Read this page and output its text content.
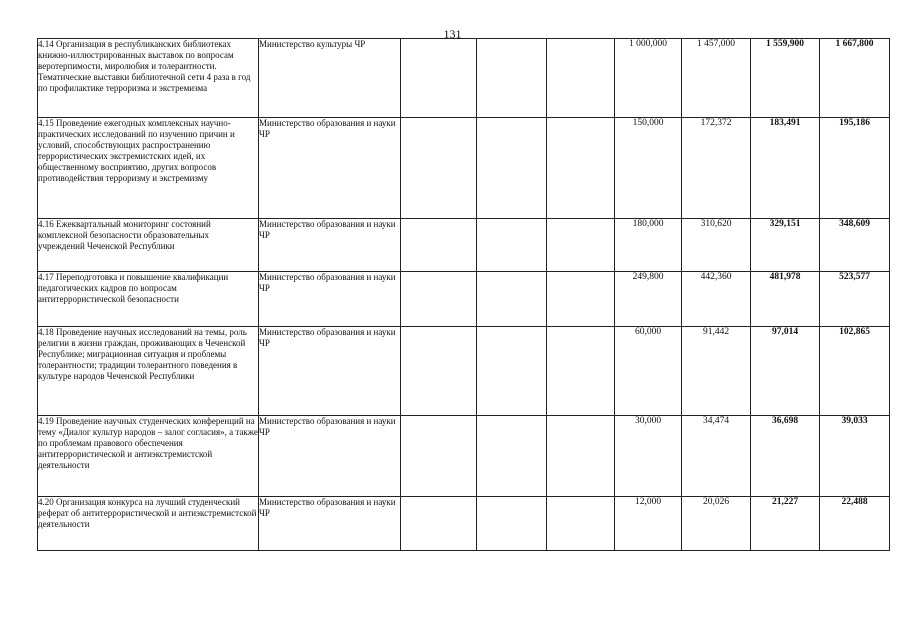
131
4.14 Организация в республиканских библиотеках книжно-иллюстрированных выставок по вопросам веротерпимости, миролюбия и толерантности. Тематические выставки библиотечной сети 4 раза в год по профилактике терроризма и экстремизма	Министерство культуры ЧР				1 000,000	1 457,000	1 559,900	1 667,800
4.15 Проведение ежегодных комплексных научно-практических исследований по изучению причин и условий, способствующих распространению террористических экстремистских идей, их общественному восприятию, других вопросов противодействия терроризму и экстремизму	Министерство образования и науки ЧР				150,000	172,372	183,491	195,186
4.16 Ежеквартальный мониторинг состояний комплексной безопасности образовательных учреждений Чеченской Республики	Министерство образования и науки ЧР				180,000	310,620	329,151	348,609
4.17 Переподготовка и повышение квалификации педагогических кадров по вопросам антитеррористической безопасности	Министерство образования и науки ЧР				249,800	442,360	481,978	523,577
4.18 Проведение научных исследований на темы, роль религии в жизни граждан, проживающих в Чеченской Республике; миграционная ситуация и проблемы толерантности; традиции толерантного поведения в культуре народов Чеченской Республики	Министерство образования и науки ЧР				60,000	91,442	97,014	102,865
4.19 Проведение научных студенческих конференций на тему «Диалог культур народов – залог согласия», а также по проблемам правового обеспечения антитеррористической и антиэкстремистской деятельности	Министерство образования и науки ЧР				30,000	34,474	36,698	39,033
4.20 Организация конкурса на лучший студенческий реферат об антитеррористической и антиэкстремистской деятельности	Министерство образования и науки ЧР				12,000	20,026	21,227	22,488
